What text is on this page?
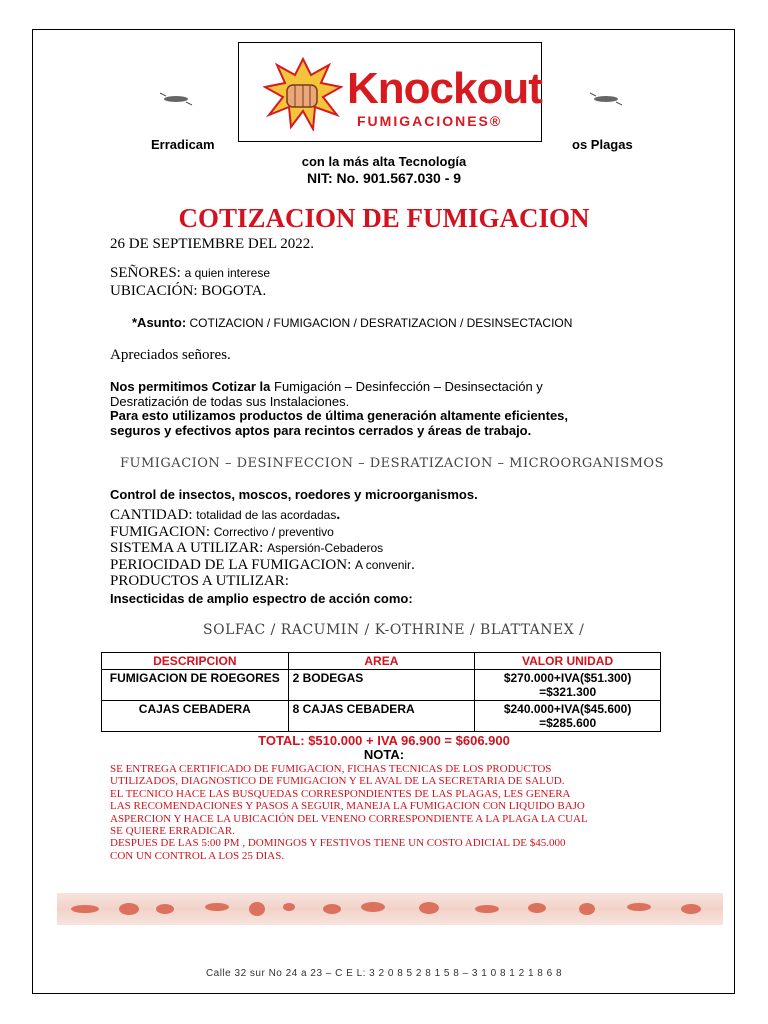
Knockout
FUMIGACIONES®
Erradicam	os Plagas
con la más alta Tecnología
NIT: No. 901.567.030 - 9
COTIZACION DE FUMIGACION
26 DE SEPTIEMBRE DEL 2022.
SEÑORES: a quien interese
UBICACIÓN: BOGOTA.
*Asunto: COTIZACION / FUMIGACION / DESRATIZACION / DESINSECTACION
Apreciados señores.
Nos permitimos Cotizar la Fumigación – Desinfección – Desinsectación y
Desratización de todas sus Instalaciones.
Para esto utilizamos productos de última generación altamente eficientes,
seguros y efectivos aptos para recintos cerrados y áreas de trabajo.
FUMIGACION – DESINFECCION – DESRATIZACION – MICROORGANISMOS
Control de insectos, moscos, roedores y microorganismos.
CANTIDAD: totalidad de las acordadas.
FUMIGACION: Correctivo / preventivo
SISTEMA A UTILIZAR: Aspersión-Cebaderos
PERIOCIDAD DE LA FUMIGACION: A convenir.
PRODUCTOS A UTILIZAR:
Insecticidas de amplio espectro de acción como:
SOLFAC / RACUMIN / K-OTHRINE / BLATTANEX /
DESCRIPCION	AREA	VALOR UNIDAD
FUMIGACION DE ROEGORES	2 BODEGAS	$270.000+IVA($51.300)
=$321.300

CAJAS CEBADERA	8 CAJAS CEBADERA	$240.000+IVA($45.600)
=$285.600
TOTAL: $510.000 + IVA 96.900 = $606.900
NOTA:
SE ENTREGA CERTIFICADO DE FUMIGACION, FICHAS TECNICAS DE LOS PRODUCTOS
UTILIZADOS, DIAGNOSTICO DE FUMIGACION Y EL AVAL DE LA SECRETARIA DE SALUD.
EL TECNICO HACE LAS BUSQUEDAS CORRESPONDIENTES DE LAS PLAGAS, LES GENERA
LAS RECOMENDACIONES Y PASOS A SEGUIR, MANEJA LA FUMIGACION CON LIQUIDO BAJO
ASPERCION Y HACE LA UBICACIÓN DEL VENENO CORRESPONDIENTE A LA PLAGA LA CUAL
SE QUIERE ERRADICAR.
DESPUES DE LAS 5:00 PM , DOMINGOS Y FESTIVOS TIENE UN COSTO ADICIAL DE $45.000
CON UN CONTROL A LOS 25 DIAS.
Calle 32 sur No 24 a 23 – C E L: 3 2 0 8 5 2 8 1 5 8 – 3 1 0 8 1 2 1 8 6 8
